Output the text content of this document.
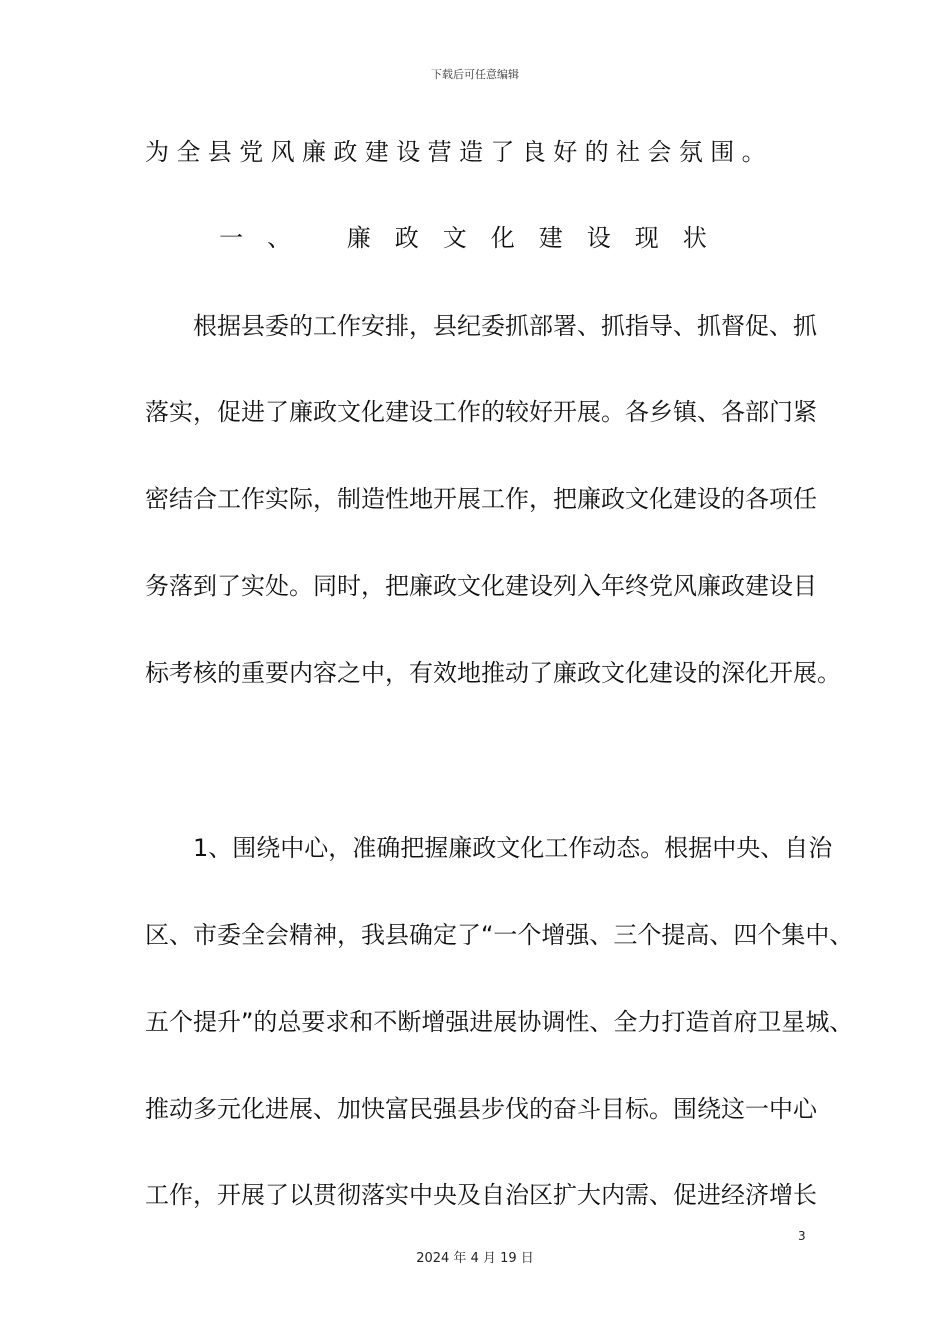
下载后可任意编辑
为全县党风廉政建设营造了良好的社会氛围。
一、 廉政文化建设现状
根据县委的工作安排，县纪委抓部署、抓指导、抓督促、抓
落实，促进了廉政文化建设工作的较好开展。各乡镇、各部门紧
密结合工作实际，制造性地开展工作，把廉政文化建设的各项任
务落到了实处。同时，把廉政文化建设列入年终党风廉政建设目
标考核的重要内容之中，有效地推动了廉政文化建设的深化开展。
1、围绕中心，准确把握廉政文化工作动态。根据中央、自治
区、市委全会精神，我县确定了“一个增强、三个提高、四个集中、
五个提升”的总要求和不断增强进展协调性、全力打造首府卫星城、
推动多元化进展、加快富民强县步伐的奋斗目标。围绕这一中心
工作，开展了以贯彻落实中央及自治区扩大内需、促进经济增长
3
2024 年 4 月 19 日
